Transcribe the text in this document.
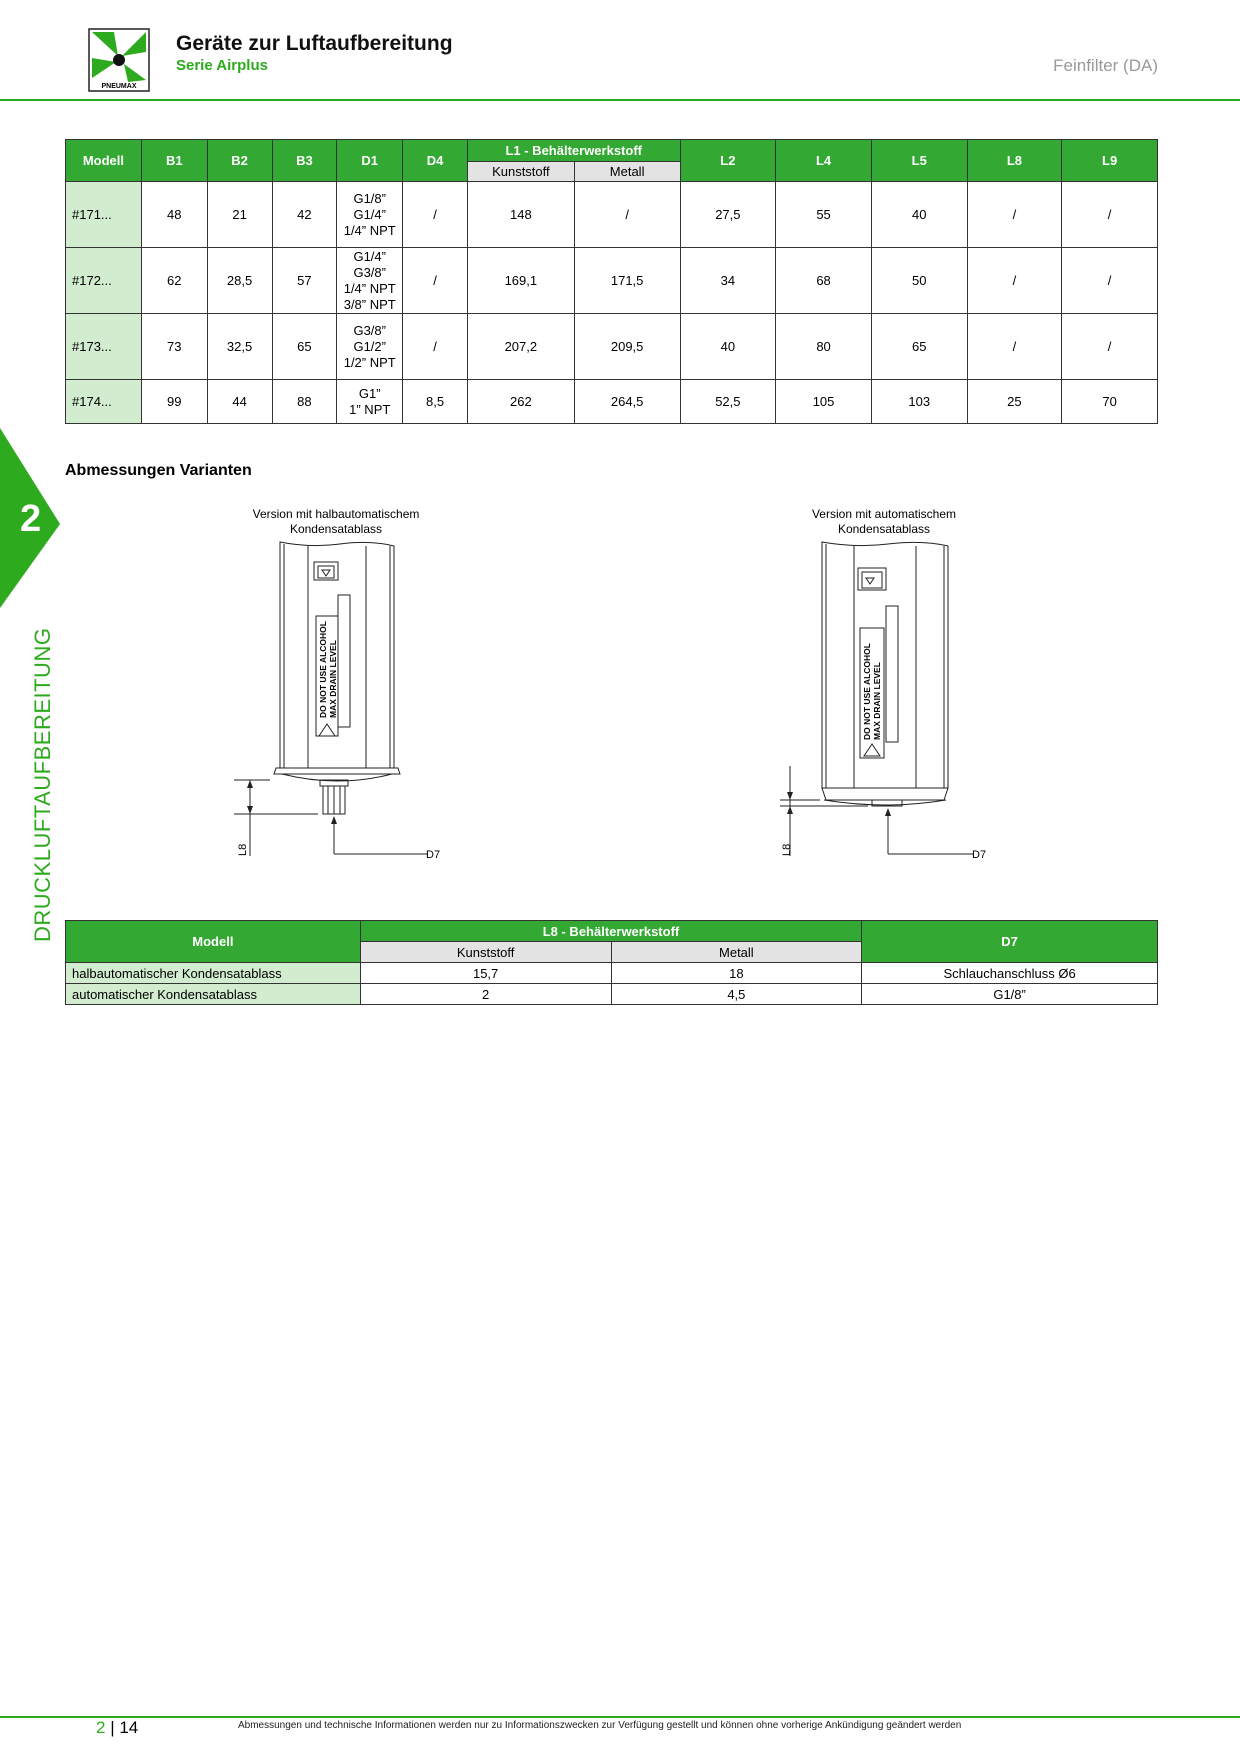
PNEUMAX
Geräte zur Luftaufbereitung
Serie Airplus	Feinfilter (DA)
2
DRUCKLUFTAUFBEREITUNG
Modell	B1	B2	B3	D1	D4	L1 - Behälterwerkstoff		L2	L4	L5	L8	L9
						Kunststoff	Metall					
#171...	48	21	42	G1/8”
G1/4”
1/4” NPT	/	148	/	27,5	55	40	/	/
#172...	62	28,5	57	G1/4”
G3/8”
1/4” NPT
3/8” NPT	/	169,1	171,5	34	68	50	/	/
#173...	73	32,5	65	G3/8”
G1/2”
1/2” NPT	/	207,2	209,5	40	80	65	/	/
#174...	99	44	88	G1”
1” NPT	8,5	262	264,5	52,5	105	103	25	70
Abmessungen Varianten
Version mit halbautomatischem
Kondensatablass
Version mit automatischem
Kondensatablass
DO NOT USE ALCOHOL MAX DRAIN LEVEL
L8	D7
DO NOT USE ALCOHOL MAX DRAIN LEVEL
L8	D7
Modell	L8 - Behälterwerkstoff		D7
	Kunststoff	Metall	
halbautomatischer Kondensatablass	15,7	18	Schlauchanschluss Ø6
automatischer Kondensatablass	2	4,5	G1/8”
2 | 14	Abmessungen und technische Informationen werden nur zu Informationszwecken zur Verfügung gestellt und können ohne vorherige Ankündigung geändert werden
